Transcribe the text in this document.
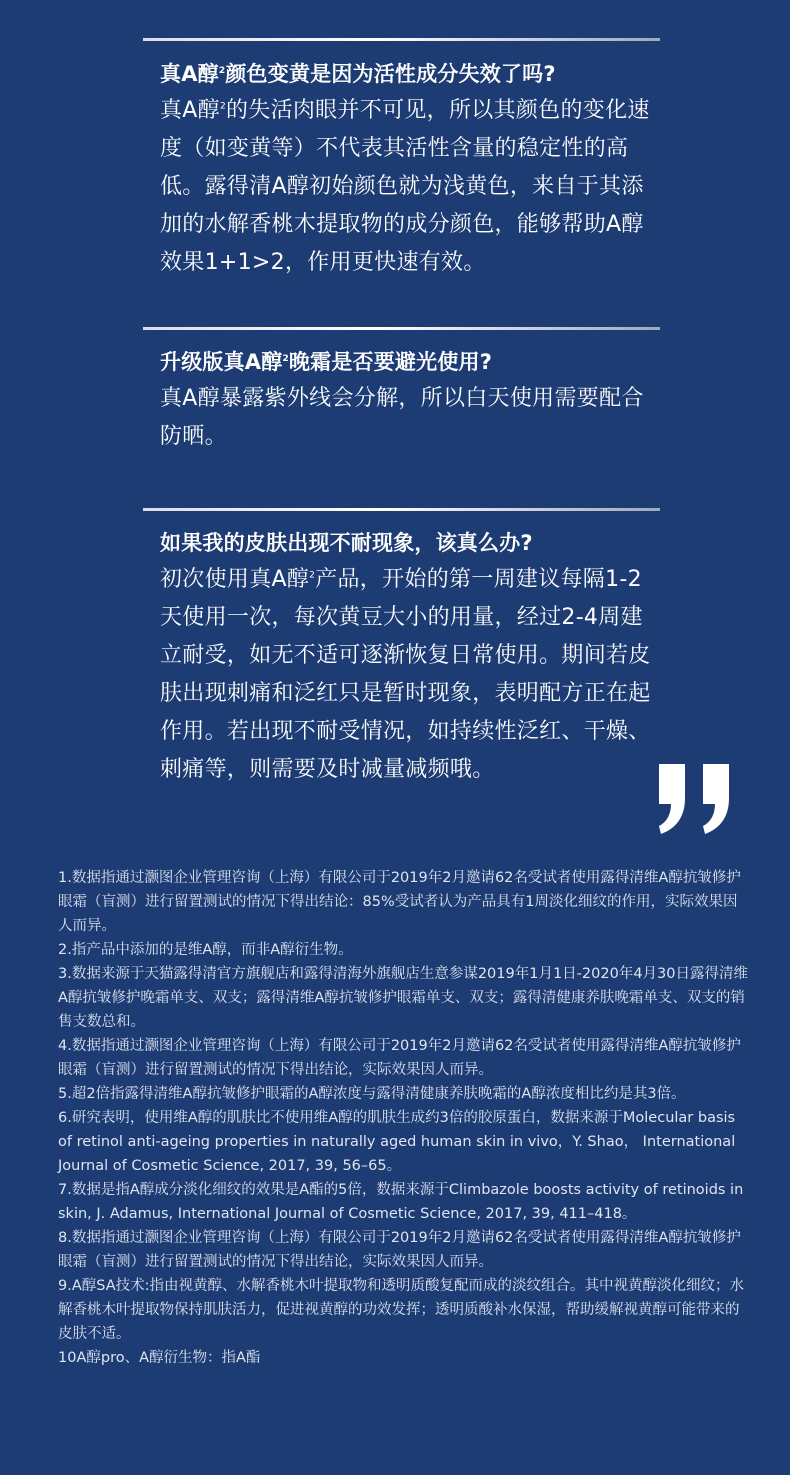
真A醇$^2$颜色变黄是因为活性成分失效了吗?

真A醇$^2$的失活肉眼并不可见，所以其颜色的变化速度（如变黄等）不代表其活性含量的稳定性的高低。露得清A醇初始颜色就为浅黄色，来自于其添加的水解香桃木提取物的成分颜色，能够帮助A醇效果1+1>2，作用更快速有效。

升级版真A醇$^2$晚霜是否要避光使用?

真A醇暴露紫外线会分解，所以白天使用需要配合防晒。

如果我的皮肤出现不耐现象，该真么办?

初次使用真A醇$^2$产品，开始的第一周建议每隔1-2天使用一次，每次黄豆大小的用量，经过2-4周建立耐受，如无不适可逐渐恢复日常使用。期间若皮肤出现刺痛和泛红只是暂时现象，表明配方正在起作用。若出现不耐受情况，如持续性泛红、干燥、刺痛等，则需要及时减量减频哦。

1.数据指通过灏图企业管理咨询（上海）有限公司于2019年2月邀请62名受试者使用露得清维A醇抗皱修护眼霜（盲测）进行留置测试的情况下得出结论：85%受试者认为产品具有1周淡化细纹的作用，实际效果因人而异。

2.指产品中添加的是维A醇，而非A醇衍生物。

3.数据来源于天猫露得清官方旗舰店和露得清海外旗舰店生意参谋2019年1月1日-2020年4月30日露得清维A醇抗皱修护晚霜单支、双支；露得清维A醇抗皱修护眼霜单支、双支；露得清健康养肤晚霜单支、双支的销售支数总和。

4.数据指通过灏图企业管理咨询（上海）有限公司于2019年2月邀请62名受试者使用露得清维A醇抗皱修护眼霜（盲测）进行留置测试的情况下得出结论，实际效果因人而异。

5.超2倍指露得清维A醇抗皱修护眼霜的A醇浓度与露得清健康养肤晚霜的A醇浓度相比约是其3倍。

6.研究表明，使用维A醇的肌肤比不使用维A醇的肌肤生成约3倍的胶原蛋白，数据来源于Molecular basis of retinol anti-ageing properties in naturally aged human skin in vivo，Y. Shao， International Journal of Cosmetic Science, 2017, 39, 56–65。

7.数据是指A醇成分淡化细纹的效果是A酯的5倍，数据来源于Climbazole boosts activity of retinoids in skin, J. Adamus, International Journal of Cosmetic Science, 2017, 39, 411–418。

8.数据指通过灏图企业管理咨询（上海）有限公司于2019年2月邀请62名受试者使用露得清维A醇抗皱修护眼霜（盲测）进行留置测试的情况下得出结论，实际效果因人而异。

9.A醇SA技术:指由视黄醇、水解香桃木叶提取物和透明质酸复配而成的淡纹组合。其中视黄醇淡化细纹；水解香桃木叶提取物保持肌肤活力，促进视黄醇的功效发挥；透明质酸补水保湿，帮助缓解视黄醇可能带来的皮肤不适。

10A醇pro、A醇衍生物：指A酯
